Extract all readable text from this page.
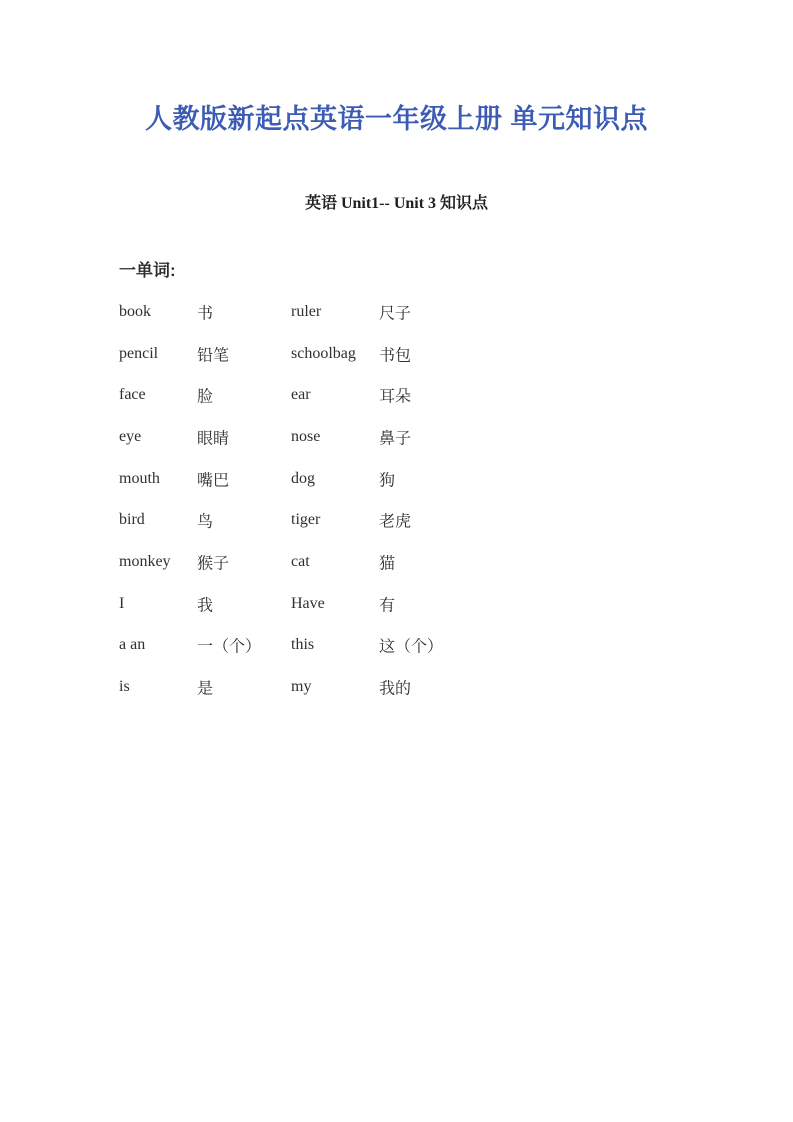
人教版新起点英语一年级上册 单元知识点
英语 Unit1-- Unit 3 知识点
一单词:
book	书	ruler	尺子
pencil 铅笔	schoolbag 书包
face	脸	ear	耳朵
eye	眼睛	nose	鼻子
mouth 嘴巴	dog	狗
bird	鸟	tiger	老虎
monkey 猴子	cat	猫
I	我	Have	有
a an	一（个） this	这（个）
is	是	my	我的
